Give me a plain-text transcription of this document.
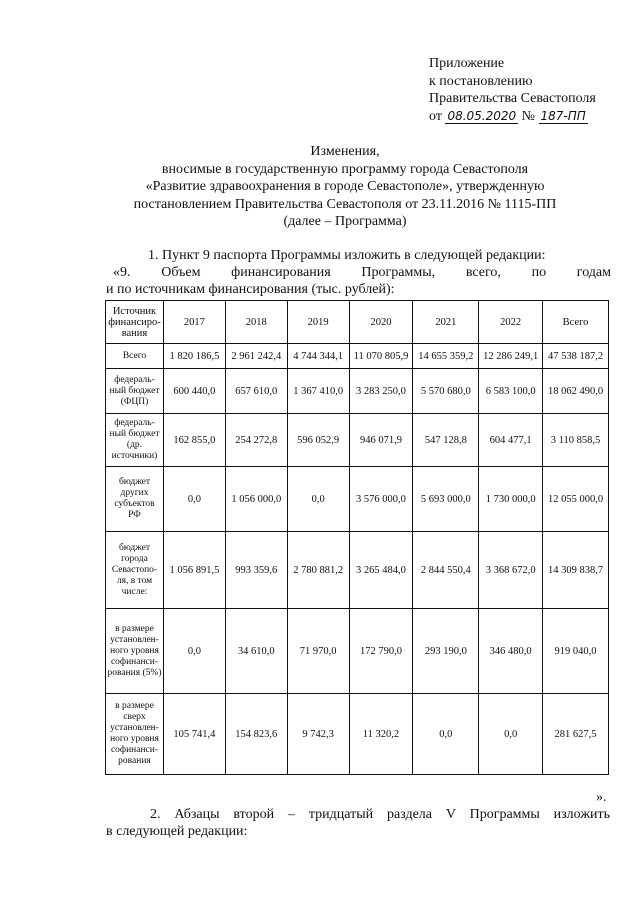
Приложение
к постановлению
Правительства Севастополя
от 08.05.2020 № 187-ПП
Изменения,
вносимые в государственную программу города Севастополя
«Развитие здравоохранения в городе Севастополе», утвержденную
постановлением Правительства Севастополя от 23.11.2016 № 1115-ПП
(далее – Программа)
1. Пункт 9 паспорта Программы изложить в следующей редакции:
«9. Объем финансирования Программы, всего, по годам
и по источникам финансирования (тыс. рублей):
Источник финансиро-вания	2017	2018	2019	2020	2021	2022	Всего
Всего	1 820 186,5	2 961 242,4	4 744 344,1	11 070 805,9	14 655 359,2	12 286 249,1	47 538 187,2
федераль-ный бюджет (ФЦП)	600 440,0	657 610,0	1 367 410,0	3 283 250,0	5 570 680,0	6 583 100,0	18 062 490,0
федераль-ный бюджет (др. источники)	162 855,0	254 272,8	596 052,9	946 071,9	547 128,8	604 477,1	3 110 858,5
бюджет других субъектов РФ	0,0	1 056 000,0	0,0	3 576 000,0	5 693 000,0	1 730 000,0	12 055 000,0
бюджет города Севастопо-ля, в том числе:	1 056 891,5	993 359,6	2 780 881,2	3 265 484,0	2 844 550,4	3 368 672,0	14 309 838,7
в размере установлен-ного уровня софинанси-рования (5%)	0,0	34 610,0	71 970,0	172 790,0	293 190,0	346 480,0	919 040,0
в размере сверх установлен-ного уровня софинанси-рования	105 741,4	154 823,6	9 742,3	11 320,2	0,0	0,0	281 627,5
».
2. Абзацы второй – тридцатый раздела V Программы изложить
в следующей редакции:
